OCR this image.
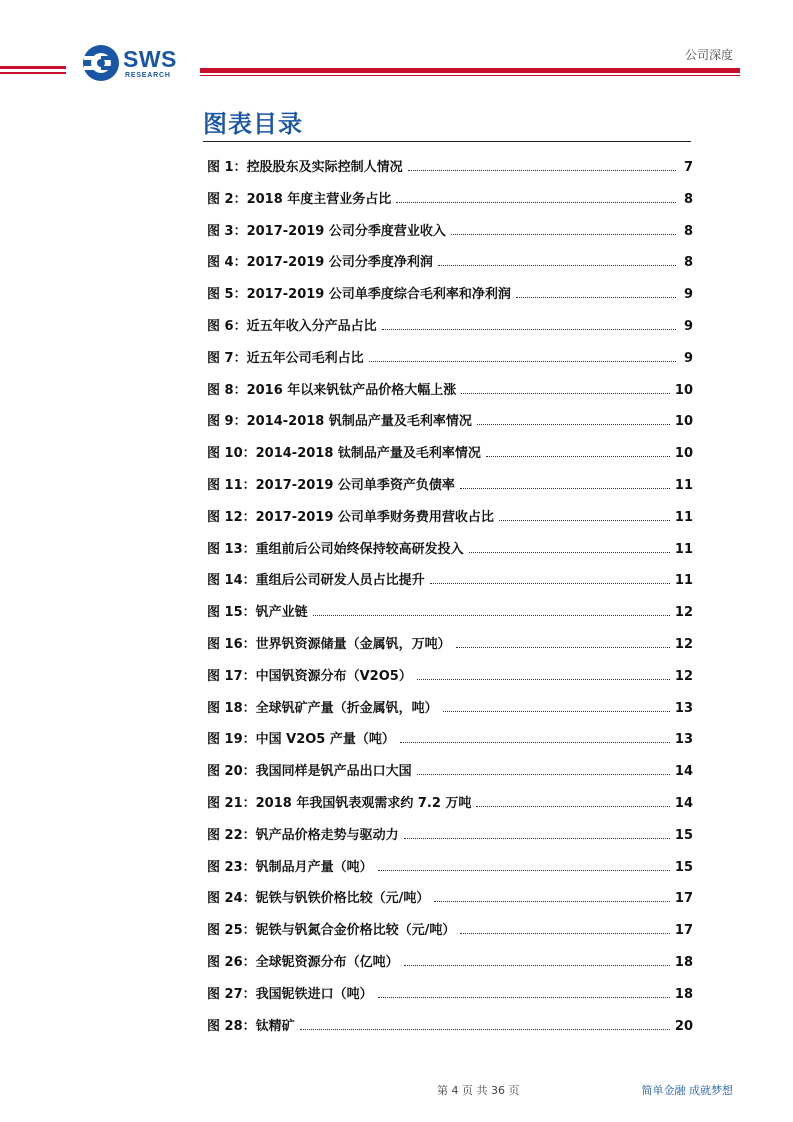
SWS
RESEARCH
公司深度
图表目录
图 1：控股股东及实际控制人情况	7
图 2：2018 年度主营业务占比	8
图 3：2017-2019 公司分季度营业收入	8
图 4：2017-2019 公司分季度净利润	8
图 5：2017-2019 公司单季度综合毛利率和净利润	9
图 6：近五年收入分产品占比	9
图 7：近五年公司毛利占比	9
图 8：2016 年以来钒钛产品价格大幅上涨	10
图 9：2014-2018 钒制品产量及毛利率情况	10
图 10：2014-2018 钛制品产量及毛利率情况	10
图 11：2017-2019 公司单季资产负债率	11
图 12：2017-2019 公司单季财务费用营收占比	11
图 13：重组前后公司始终保持较高研发投入	11
图 14：重组后公司研发人员占比提升	11
图 15：钒产业链	12
图 16：世界钒资源储量（金属钒，万吨）	12
图 17：中国钒资源分布（V2O5）	12
图 18：全球钒矿产量（折金属钒，吨）	13
图 19：中国 V2O5 产量（吨）	13
图 20：我国同样是钒产品出口大国	14
图 21：2018 年我国钒表观需求约 7.2 万吨	14
图 22：钒产品价格走势与驱动力	15
图 23：钒制品月产量（吨）	15
图 24：铌铁与钒铁价格比较（元/吨）	17
图 25：铌铁与钒氮合金价格比较（元/吨）	17
图 26：全球铌资源分布（亿吨）	18
图 27：我国铌铁进口（吨）	18
图 28：钛精矿	20
第 4 页 共 36 页	简单金融 成就梦想
